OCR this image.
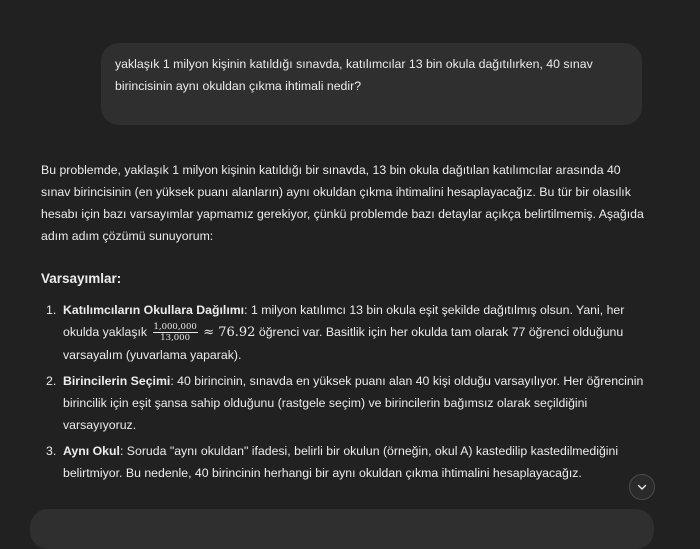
yaklaşık 1 milyon kişinin katıldığı sınavda, katılımcılar 13 bin okula dağıtılırken, 40 sınav birincisinin aynı okuldan çıkma ihtimali nedir?

Bu problemde, yaklaşık 1 milyon kişinin katıldığı bir sınavda, 13 bin okula dağıtılan katılımcılar arasında 40 sınav birincisinin (en yüksek puanı alanların) aynı okuldan çıkma ihtimalini hesaplayacağız. Bu tür bir olasılık hesabı için bazı varsayımlar yapmamız gerekiyor, çünkü problemde bazı detaylar açıkça belirtilmemiş. Aşağıda adım adım çözümü sunuyorum:

Varsayımlar:
1. Katılımcıların Okullara Dağılımı: 1 milyon katılımcı 13 bin okula eşit şekilde dağıtılmış olsun. Yani, her okulda yaklaşık $\frac{1,000,000}{13,000} \approx 76.92$ öğrenci var. Basitlik için her okulda tam olarak 77 öğrenci olduğunu varsayalım (yuvarlama yaparak).
2. Birincilerin Seçimi: 40 birincinin, sınavda en yüksek puanı alan 40 kişi olduğu varsayılıyor. Her öğrencinin birincilik için eşit şansa sahip olduğunu (rastgele seçim) ve birincilerin bağımsız olarak seçildiğini varsayıyoruz.
3. Aynı Okul: Soruda "aynı okuldan" ifadesi, belirli bir okulun (örneğin, okul A) kastedilip kastedilmediğini belirtmiyor. Bu nedenle, 40 birincinin herhangi bir aynı okuldan çıkma ihtimalini hesaplayacağız.
